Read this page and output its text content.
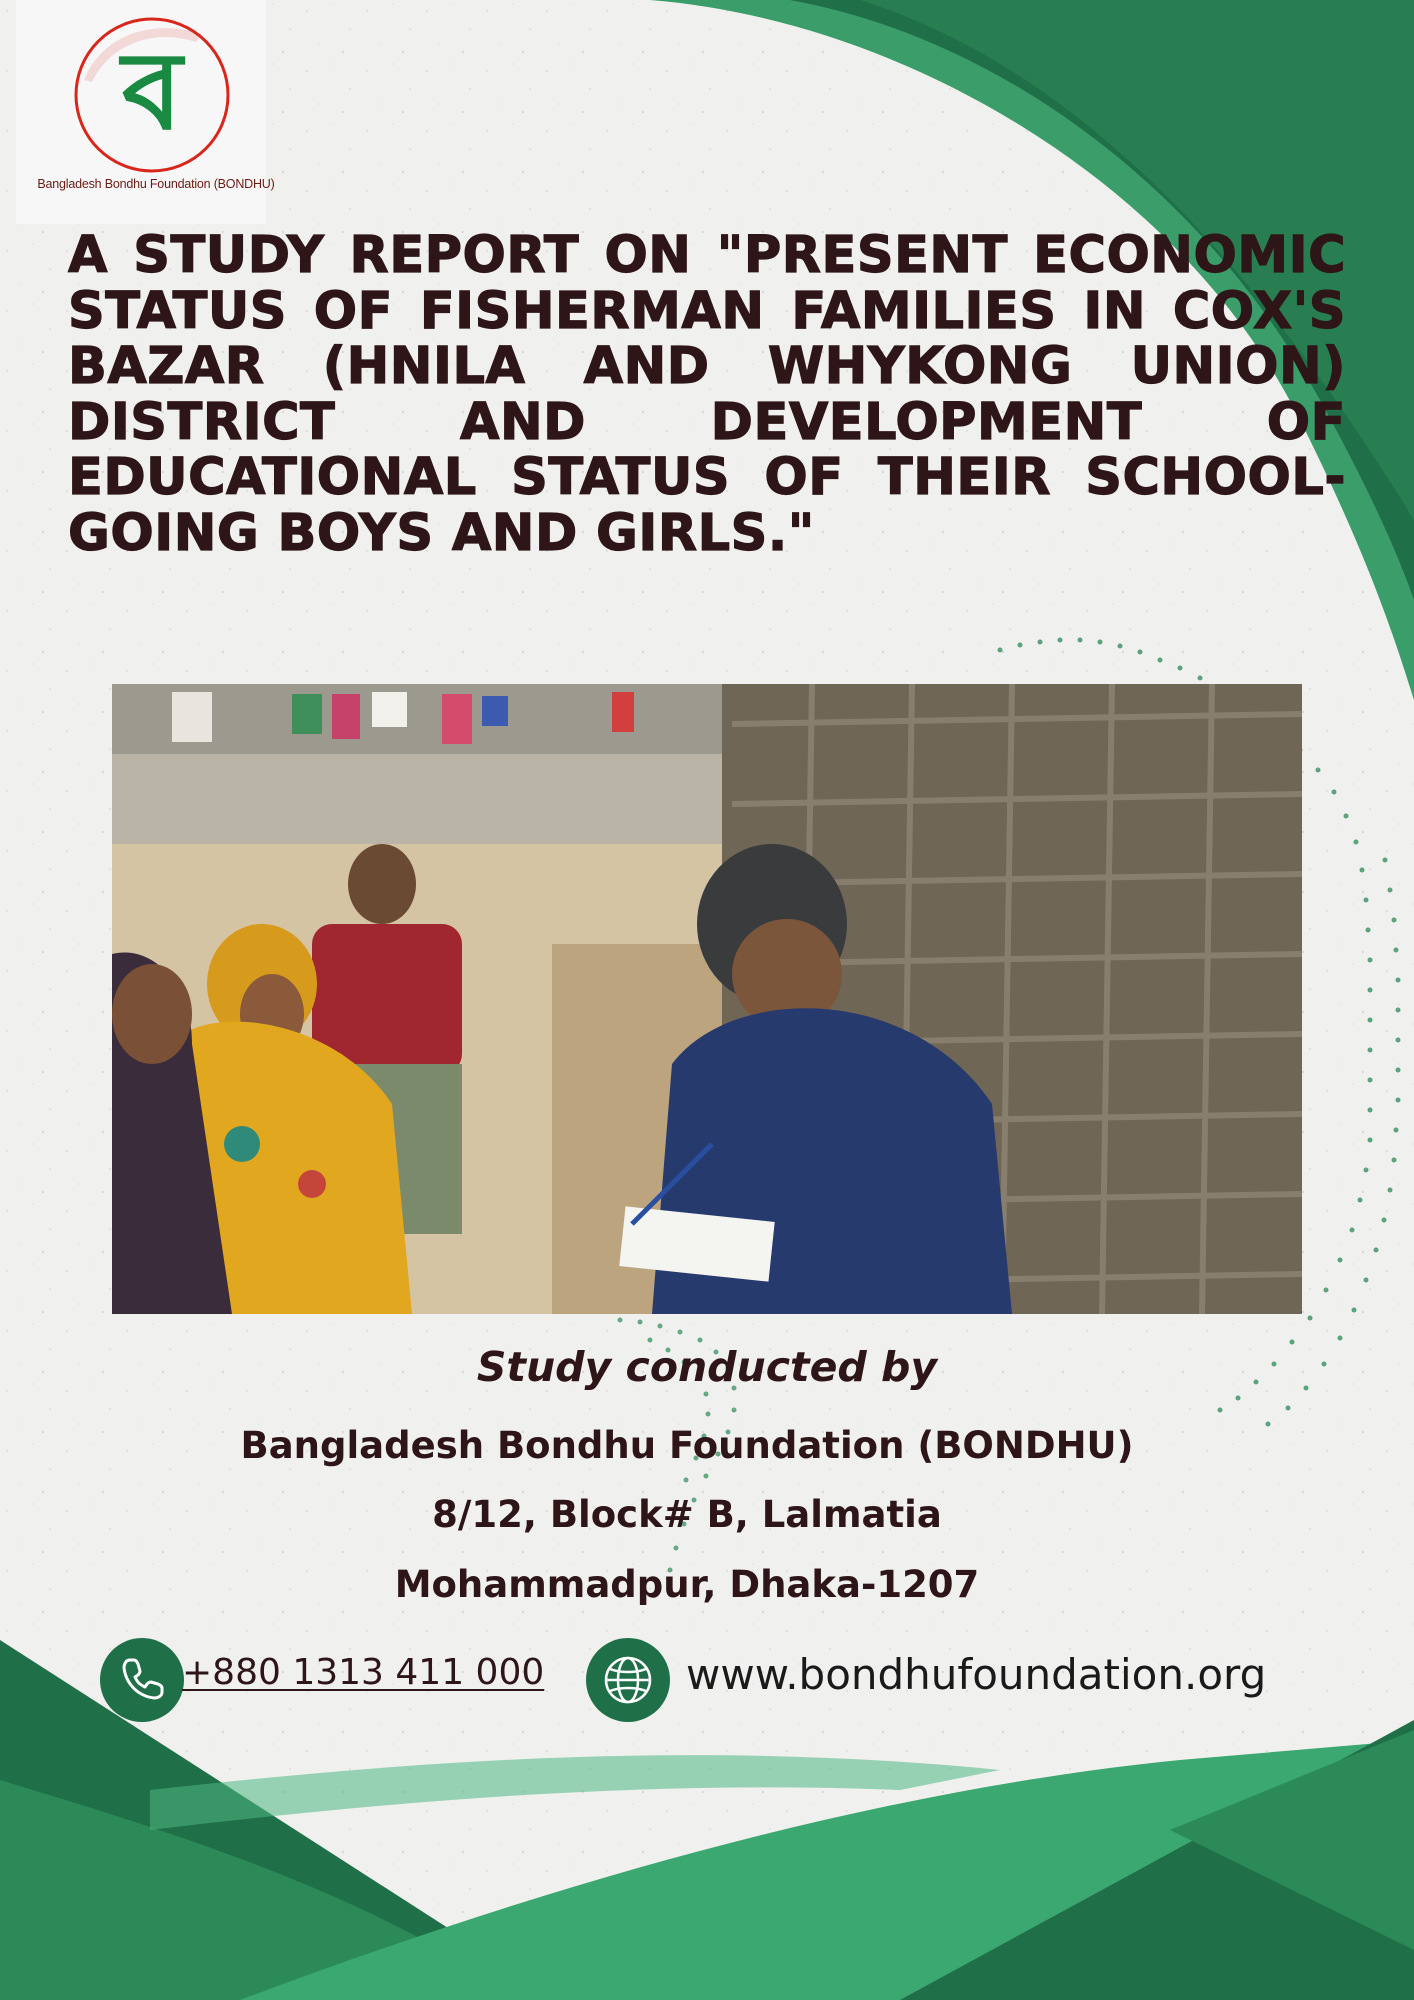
ব
Bangladesh Bondhu Foundation (BONDHU)
A STUDY REPORT ON "PRESENT ECONOMIC STATUS OF FISHERMAN FAMILIES IN COX'S BAZAR (HNILA AND WHYKONG UNION) DISTRICT AND DEVELOPMENT OF EDUCATIONAL STATUS OF THEIR SCHOOL-GOING BOYS AND GIRLS."
Study conducted by
Bangladesh Bondhu Foundation (BONDHU)
8/12, Block# B, Lalmatia
Mohammadpur, Dhaka-1207
+880 1313 411 000	www.bondhufoundation.org
